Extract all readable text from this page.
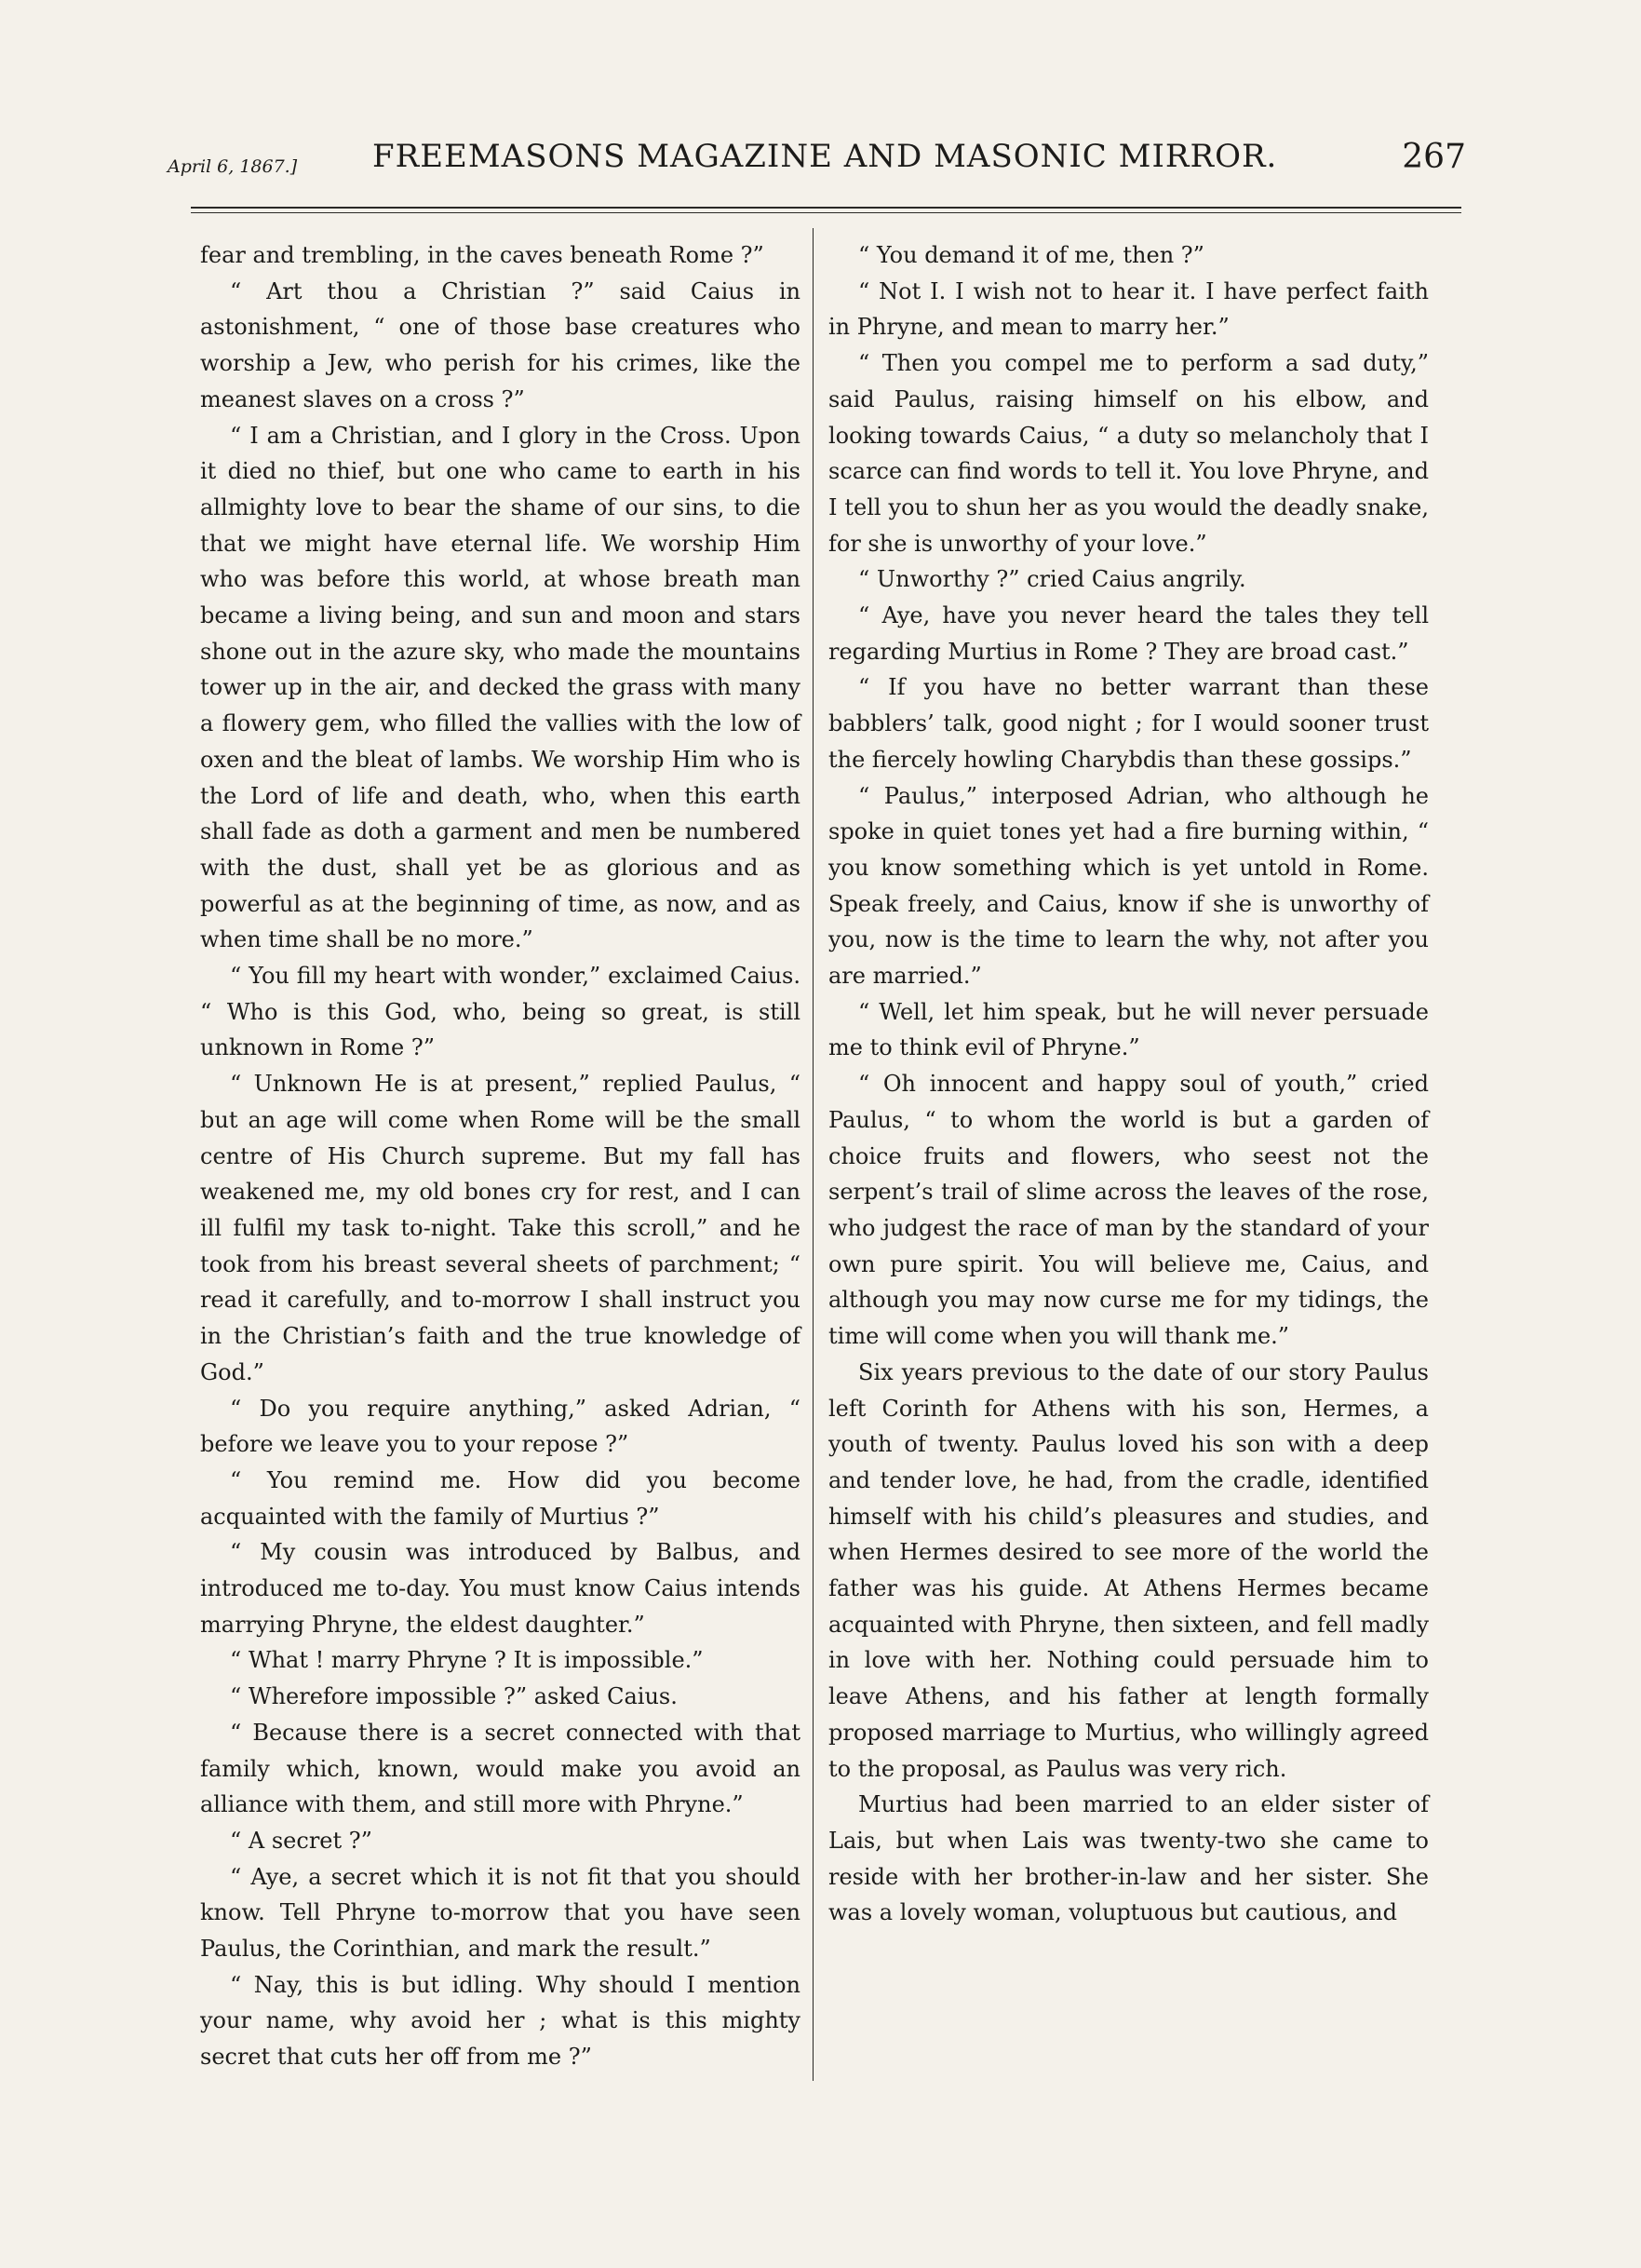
April 6, 1867.] FREEMASONS MAGAZINE AND MASONIC MIRROR.	267

fear and trembling, in the caves beneath Rome ?”

“ Art thou a Christian ?” said Caius in astonishment, “ one of those base creatures who worship a Jew, who perish for his crimes, like the meanest slaves on a cross ?”

“ I am a Christian, and I glory in the Cross. Upon it died no thief, but one who came to earth in his allmighty love to bear the shame of our sins, to die that we might have eternal life. We worship Him who was before this world, at whose breath man became a living being, and sun and moon and stars shone out in the azure sky, who made the mountains tower up in the air, and decked the grass with many a flowery gem, who filled the vallies with the low of oxen and the bleat of lambs. We worship Him who is the Lord of life and death, who, when this earth shall fade as doth a garment and men be numbered with the dust, shall yet be as glorious and as powerful as at the beginning of time, as now, and as when time shall be no more.”

“ You fill my heart with wonder,” exclaimed Caius. “ Who is this God, who, being so great, is still unknown in Rome ?”

“ Unknown He is at present,” replied Paulus, “ but an age will come when Rome will be the small centre of His Church supreme. But my fall has weakened me, my old bones cry for rest, and I can ill fulfil my task to-night. Take this scroll,” and he took from his breast several sheets of parchment; “ read it carefully, and to-morrow I shall instruct you in the Christian’s faith and the true knowledge of God.”

“ Do you require anything,” asked Adrian, “ before we leave you to your repose ?”

“ You remind me. How did you become acquainted with the family of Murtius ?”

“ My cousin was introduced by Balbus, and introduced me to-day. You must know Caius intends marrying Phryne, the eldest daughter.”

“ What ! marry Phryne ? It is impossible.”

“ Wherefore impossible ?” asked Caius.

“ Because there is a secret connected with that family which, known, would make you avoid an alliance with them, and still more with Phryne.”

“ A secret ?”

“ Aye, a secret which it is not fit that you should know. Tell Phryne to-morrow that you have seen Paulus, the Corinthian, and mark the result.”

“ Nay, this is but idling. Why should I mention your name, why avoid her ; what is this mighty secret that cuts her off from me ?”

“ You demand it of me, then ?”

“ Not I. I wish not to hear it. I have perfect faith in Phryne, and mean to marry her.”

“ Then you compel me to perform a sad duty,” said Paulus, raising himself on his elbow, and looking towards Caius, “ a duty so melancholy that I scarce can find words to tell it. You love Phryne, and I tell you to shun her as you would the deadly snake, for she is unworthy of your love.”

“ Unworthy ?” cried Caius angrily.

“ Aye, have you never heard the tales they tell regarding Murtius in Rome ? They are broad cast.”

“ If you have no better warrant than these babblers’ talk, good night ; for I would sooner trust the fiercely howling Charybdis than these gossips.”

“ Paulus,” interposed Adrian, who although he spoke in quiet tones yet had a fire burning within, “ you know something which is yet untold in Rome. Speak freely, and Caius, know if she is unworthy of you, now is the time to learn the why, not after you are married.”

“ Well, let him speak, but he will never persuade me to think evil of Phryne.”

“ Oh innocent and happy soul of youth,” cried Paulus, “ to whom the world is but a garden of choice fruits and flowers, who seest not the serpent’s trail of slime across the leaves of the rose, who judgest the race of man by the standard of your own pure spirit. You will believe me, Caius, and although you may now curse me for my tidings, the time will come when you will thank me.”

Six years previous to the date of our story Paulus left Corinth for Athens with his son, Hermes, a youth of twenty. Paulus loved his son with a deep and tender love, he had, from the cradle, identified himself with his child’s pleasures and studies, and when Hermes desired to see more of the world the father was his guide. At Athens Hermes became acquainted with Phryne, then sixteen, and fell madly in love with her. Nothing could persuade him to leave Athens, and his father at length formally proposed marriage to Murtius, who willingly agreed to the proposal, as Paulus was very rich.

Murtius had been married to an elder sister of Lais, but when Lais was twenty-two she came to reside with her brother-in-law and her sister. She was a lovely woman, voluptuous but cautious, and
